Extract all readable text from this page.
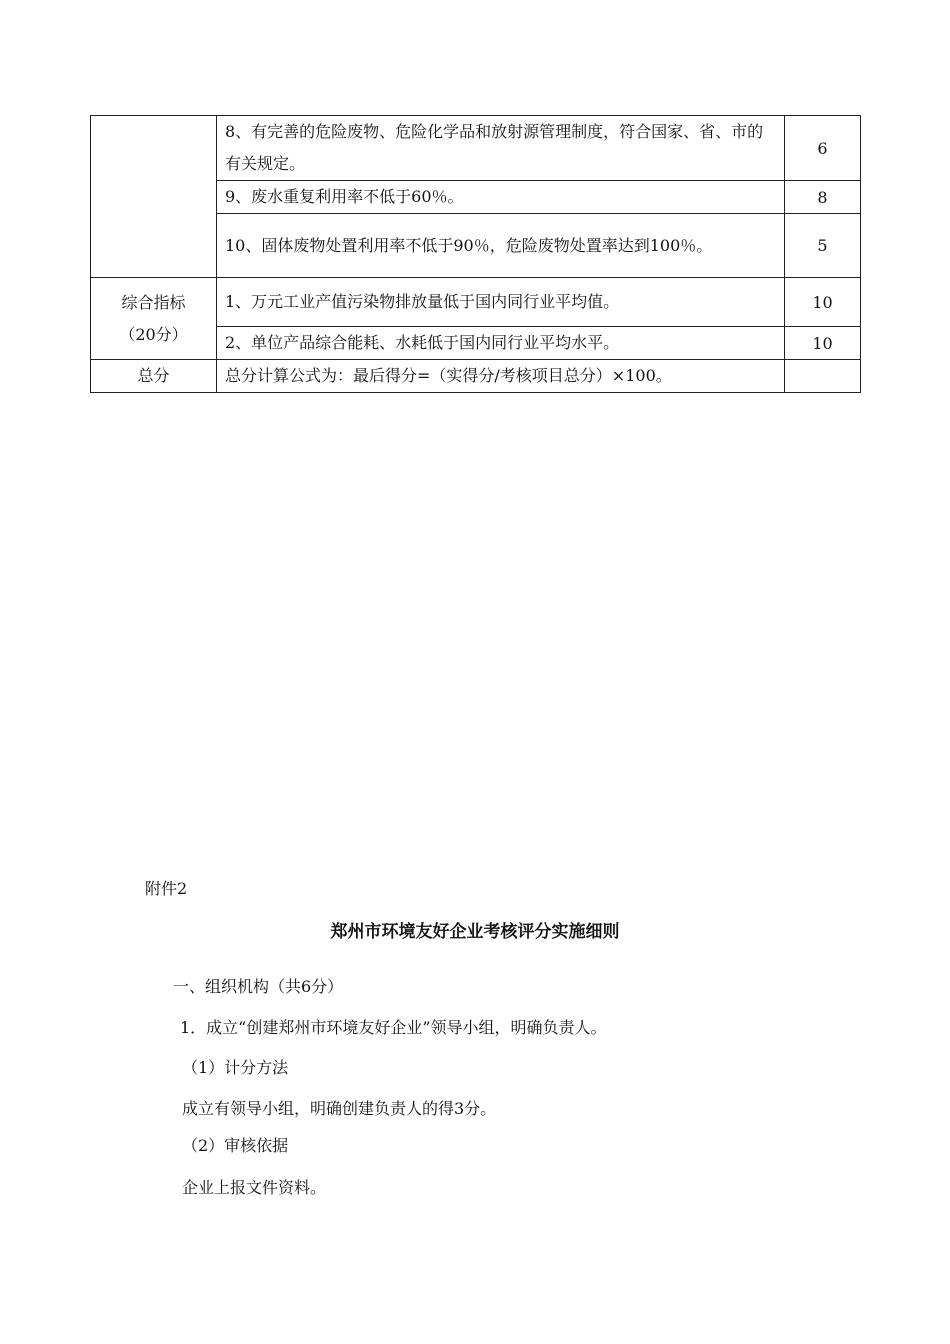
	8、有完善的危险废物、危险化学品和放射源管理制度，符合国家、省、市的有关规定。	6
	9、废水重复利用率不低于60％。	8
	10、固体废物处置利用率不低于90％，危险废物处置率达到100％。	5

综合指标
（20分）	1、万元工业产值污染物排放量低于国内同行业平均值。	10
	2、单位产品综合能耗、水耗低于国内同行业平均水平。	10
总分	总分计算公式为：最后得分=（实得分/考核项目总分）×100。	
附件2
郑州市环境友好企业考核评分实施细则
一、组织机构（共6分）
1．成立“创建郑州市环境友好企业”领导小组，明确负责人。
（1）计分方法
成立有领导小组，明确创建负责人的得3分。
（2）审核依据
企业上报文件资料。
